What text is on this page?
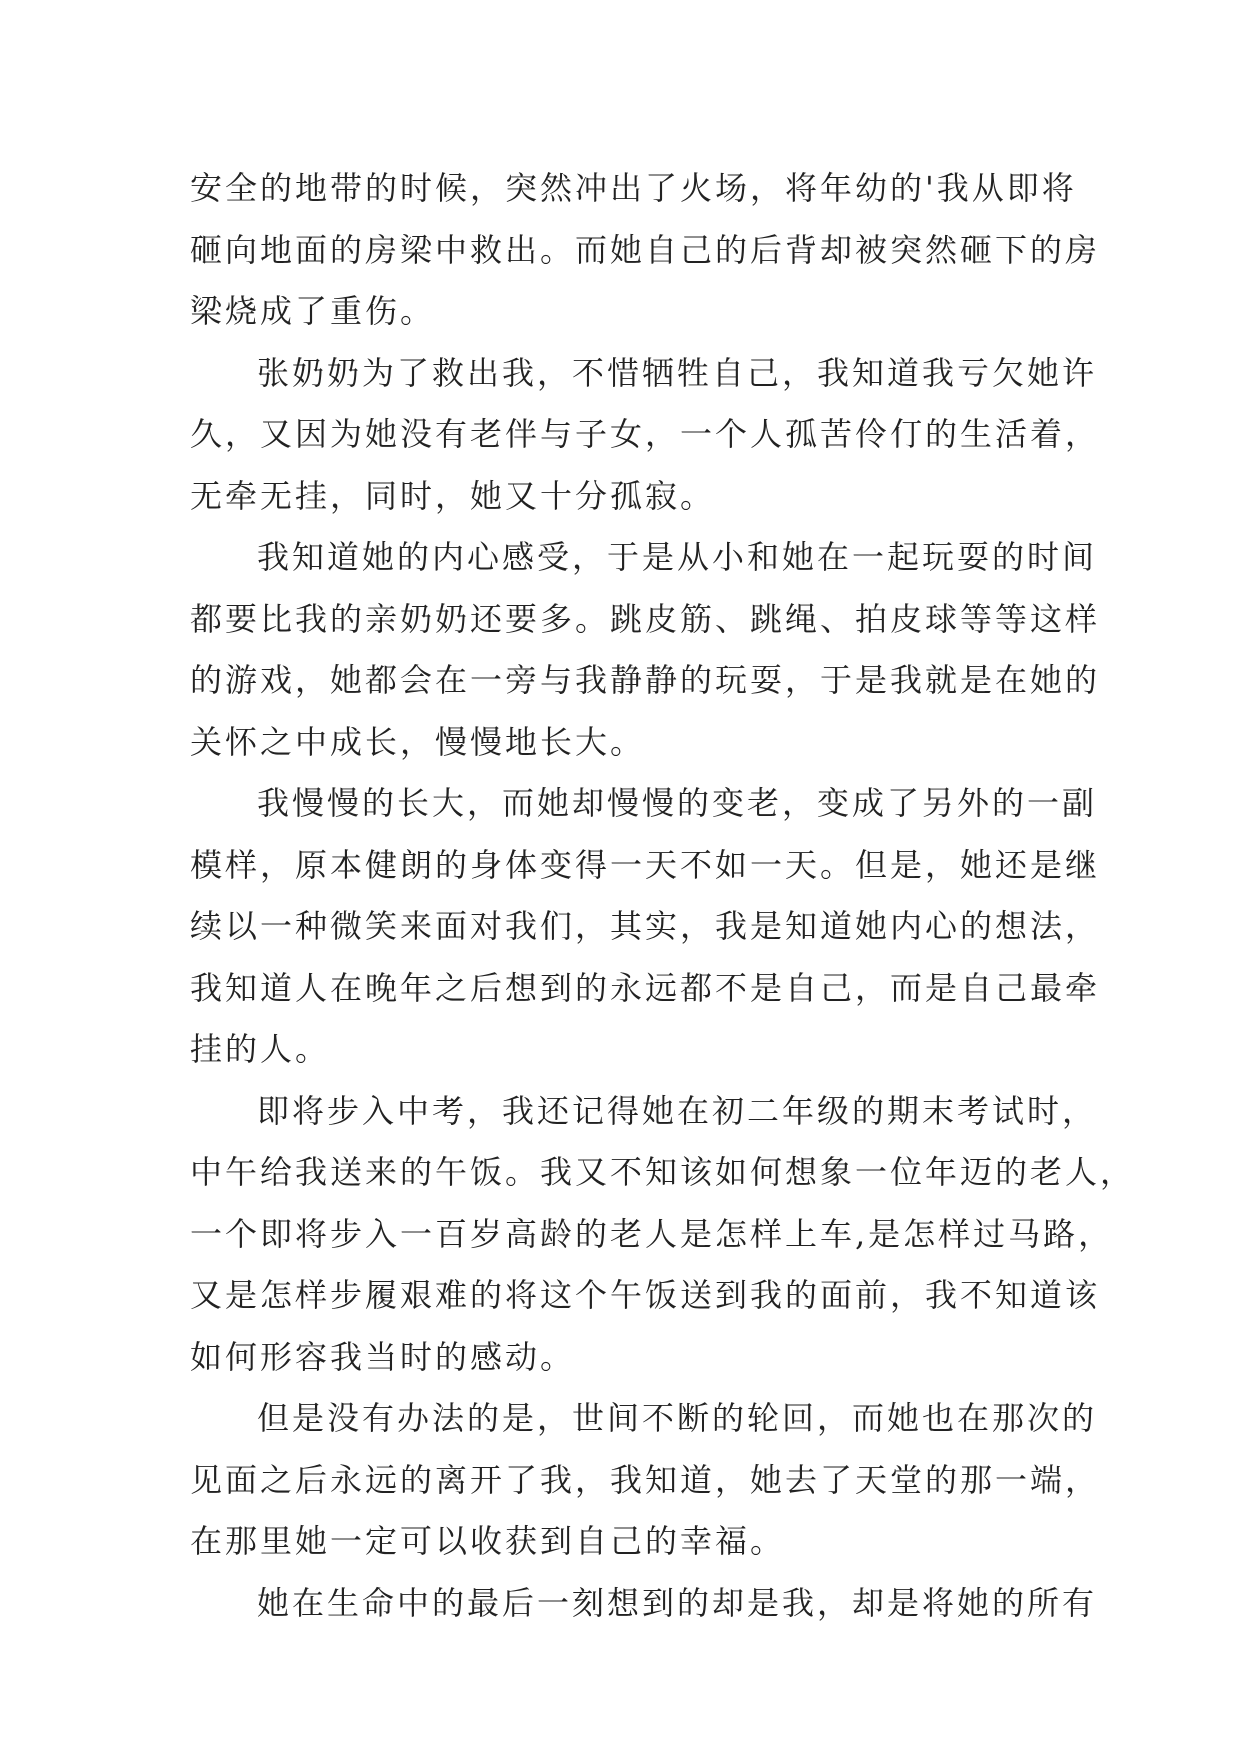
安全的地带的时候，突然冲出了火场，将年幼的'我从即将
砸向地面的房梁中救出。而她自己的后背却被突然砸下的房
梁烧成了重伤。
张奶奶为了救出我，不惜牺牲自己，我知道我亏欠她许
久，又因为她没有老伴与子女，一个人孤苦伶仃的生活着，
无牵无挂，同时，她又十分孤寂。
我知道她的内心感受，于是从小和她在一起玩耍的时间
都要比我的亲奶奶还要多。跳皮筋、跳绳、拍皮球等等这样
的游戏，她都会在一旁与我静静的玩耍，于是我就是在她的
关怀之中成长，慢慢地长大。
我慢慢的长大，而她却慢慢的变老，变成了另外的一副
模样，原本健朗的身体变得一天不如一天。但是，她还是继
续以一种微笑来面对我们，其实，我是知道她内心的想法，
我知道人在晚年之后想到的永远都不是自己，而是自己最牵
挂的人。
即将步入中考，我还记得她在初二年级的期末考试时，
中午给我送来的午饭。我又不知该如何想象一位年迈的老人，
一个即将步入一百岁高龄的老人是怎样上车,是怎样过马路，
又是怎样步履艰难的将这个午饭送到我的面前，我不知道该
如何形容我当时的感动。
但是没有办法的是，世间不断的轮回，而她也在那次的
见面之后永远的离开了我，我知道，她去了天堂的那一端，
在那里她一定可以收获到自己的幸福。
她在生命中的最后一刻想到的却是我，却是将她的所有
